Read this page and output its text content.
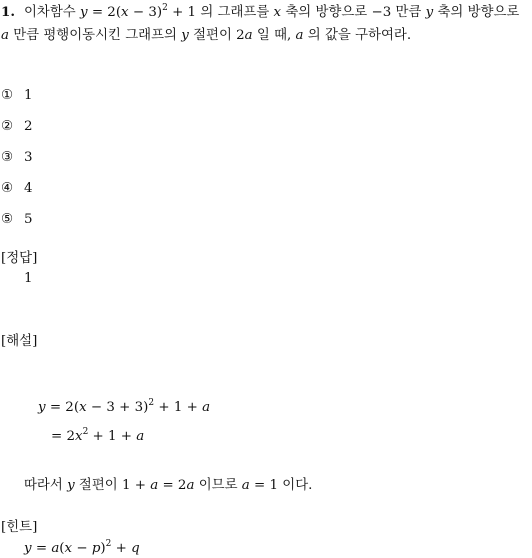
1. 이차함수 $y = 2(x - 3)^2 + 1$ 의 그래프를 x 축의 방향으로 −3 만큼 y 축의 방향으로 a 만큼 평행이동시킨 그래프의 y 절편이 2a 일 때, a 의 값을 구하여라.
① 1
② 2
③ 3
④ 4
⑤ 5
[정답]
1
[해설]
$y = 2(x - 3 + 3)^2 + 1 + a$
= $2x^2 + 1 + a$
따라서 y 절편이 1 + a = 2a 이므로 a = 1 이다.
[힌트]
$y = a(x - p)^2 + q$
